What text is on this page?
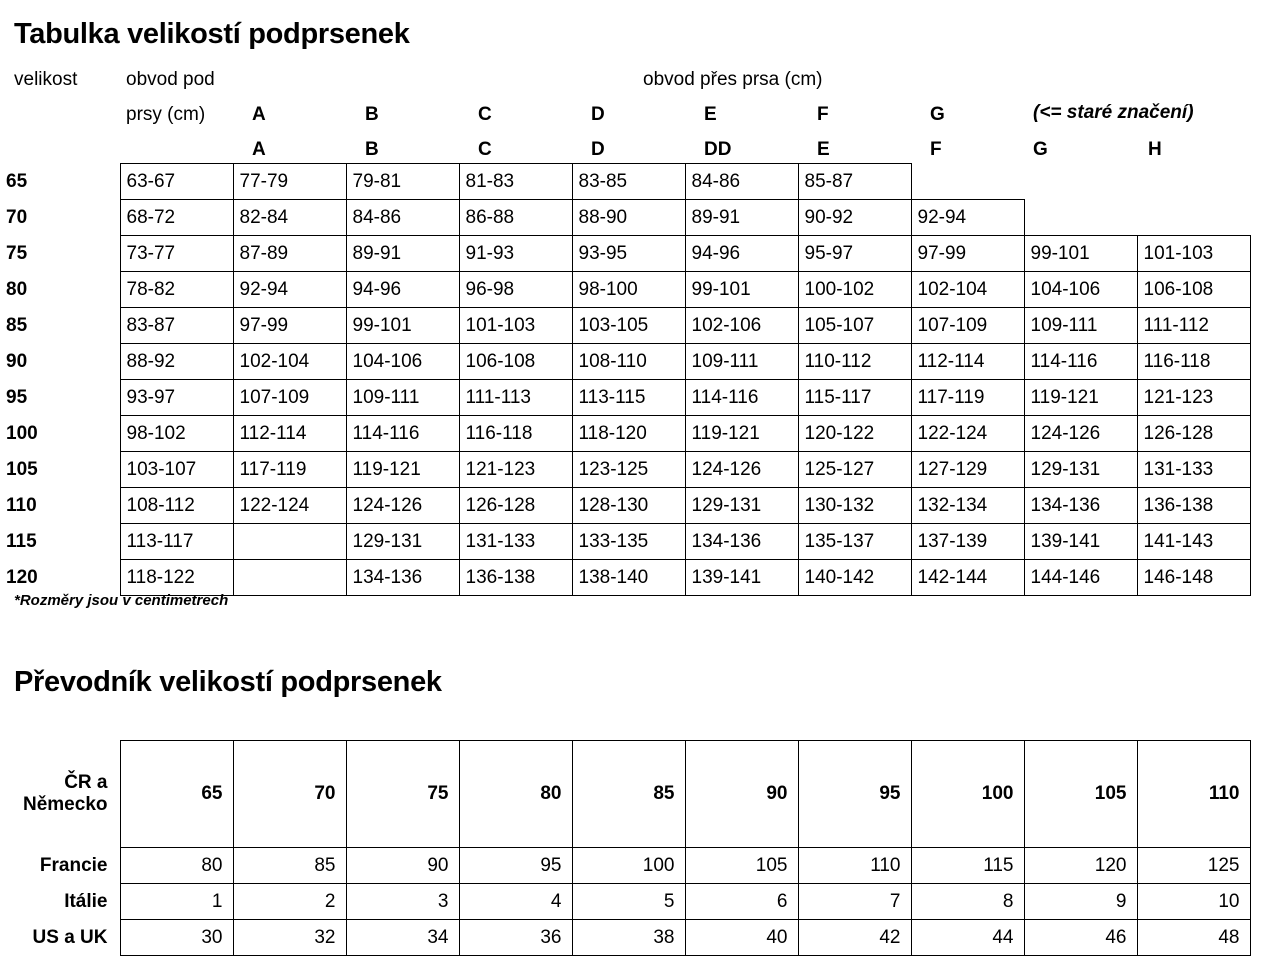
Tabulka velikostí podprsenek
velikost	obvod pod
prsy (cm)
obvod přes prsa (cm)
(<= staré značení)
A	B	C	D	E	F	G
A	B	C	D	DD	E	F	G	H
65	63-67	77-79	79-81	81-83	83-85	84-86	85-87			
70	68-72	82-84	84-86	86-88	88-90	89-91	90-92	92-94		
75	73-77	87-89	89-91	91-93	93-95	94-96	95-97	97-99	99-101	101-103
80	78-82	92-94	94-96	96-98	98-100	99-101	100-102	102-104	104-106	106-108
85	83-87	97-99	99-101	101-103	103-105	102-106	105-107	107-109	109-111	111-112
90	88-92	102-104	104-106	106-108	108-110	109-111	110-112	112-114	114-116	116-118
95	93-97	107-109	109-111	111-113	113-115	114-116	115-117	117-119	119-121	121-123
100	98-102	112-114	114-116	116-118	118-120	119-121	120-122	122-124	124-126	126-128
105	103-107	117-119	119-121	121-123	123-125	124-126	125-127	127-129	129-131	131-133
110	108-112	122-124	124-126	126-128	128-130	129-131	130-132	132-134	134-136	136-138
115	113-117		129-131	131-133	133-135	134-136	135-137	137-139	139-141	141-143
120	118-122		134-136	136-138	138-140	139-141	140-142	142-144	144-146	146-148
*Rozměry jsou v centimetrech
Převodník velikostí podprsenek
ČR a
Německo	65	70	75	80	85	90	95	100	105	110
Francie	80	85	90	95	100	105	110	115	120	125
Itálie	1	2	3	4	5	6	7	8	9	10
US a UK	30	32	34	36	38	40	42	44	46	48
